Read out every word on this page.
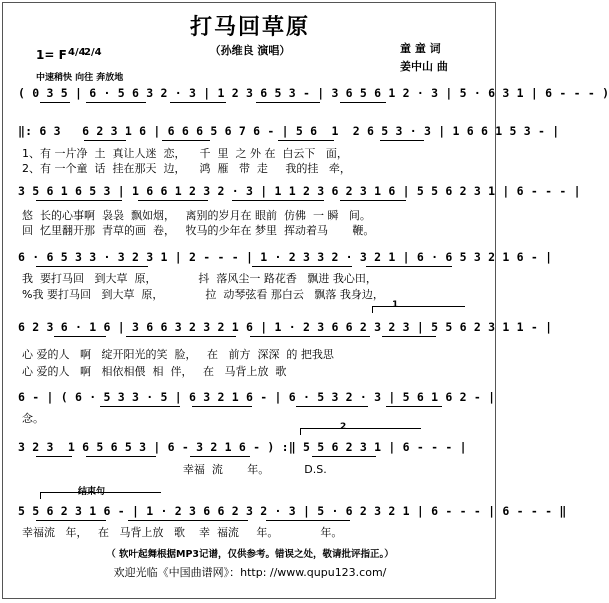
打马回草原
（孙维良 演唱）	童 童 词
姜中山 曲
1= F 4/4
2/4
中速稍快 向往 奔放地
( 0 3 5 | 6 · 5 6 3 2 · 3 | 1 2 3 6 5 3 - | 3 6 5 6 1 2 · 3 | 5 · 6 3 1 | 6 - - - )
‖: 6 3   6 2 3 1 6 | 6 6 6 5 6 7 6 - | 5 6  1  2 6 5 3 · 3 | 1 6 6 1 5 3 - |
1、有 一片净  土  真让人迷  恋，    千  里  之 外 在  白云下   面，
2、有 一个童  话  挂在那天  边，    鸿  雁   带  走     我的挂   牵，
3 5 6 1 6 5 3 | 1 6 6 1 2 3 2 · 3 | 1 1 2 3 6 2 3 1 6 | 5 5 6 2 3 1 | 6 - - - |
悠  长的心事啊  袅袅  飘如烟，   离别的岁月在 眼前  仿佛  一 瞬   间。
回  忆里翻开那  青草的画  卷，   牧马的少年在 梦里  挥动着马       鞭。
6 · 6 5 3 3 · 3 2 3 1 | 2 - - - | 1 · 2 3 3 2 · 3 2 1 | 6 · 6 5 3 2 1 6 - |
我  要打马回   到大草  原，            抖  落风尘一 路花香   飘进 我心田，
%我 要打马回   到大草  原，            拉  动琴弦看 那白云   飘落 我身边，
1
6 2 3 6 · 1 6 | 3 6 6 3 2 3 2 1 6 | 1 · 2 3 6 6 2 3 2 3 | 5 5 6 2 3 1 1 - |
心 爱的人   啊   绽开阳光的笑  脸，   在   前方  深深  的 把我思
心 爱的人   啊   相依相偎  相  伴，   在   马背上放  歌
6 - | ( 6 · 5 3 3 · 5 | 6 3 2 1 6 - | 6 · 5 3 2 · 3 | 5 6 1 6 2 - |
念。
2
3 2 3  1 6 5 6 5 3 | 6 - 3 2 1 6 - ) :‖ 5 5 6 2 3 1 | 6 - - - |
幸福  流       年。          D.S.
结束句
5 5 6 2 3 1 6 - | 1 · 2 3 6 6 2 3 2 · 3 | 5 · 6 2 3 2 1 | 6 - - - | 6 - - - ‖
幸福流   年，   在   马背上放   歌    幸  福流     年。            年。
（ 软叶起舞根据MP3记谱，仅供参考。错误之处，敬请批评指正。）
欢迎光临《中国曲谱网》：http: //www.qupu123.com/
